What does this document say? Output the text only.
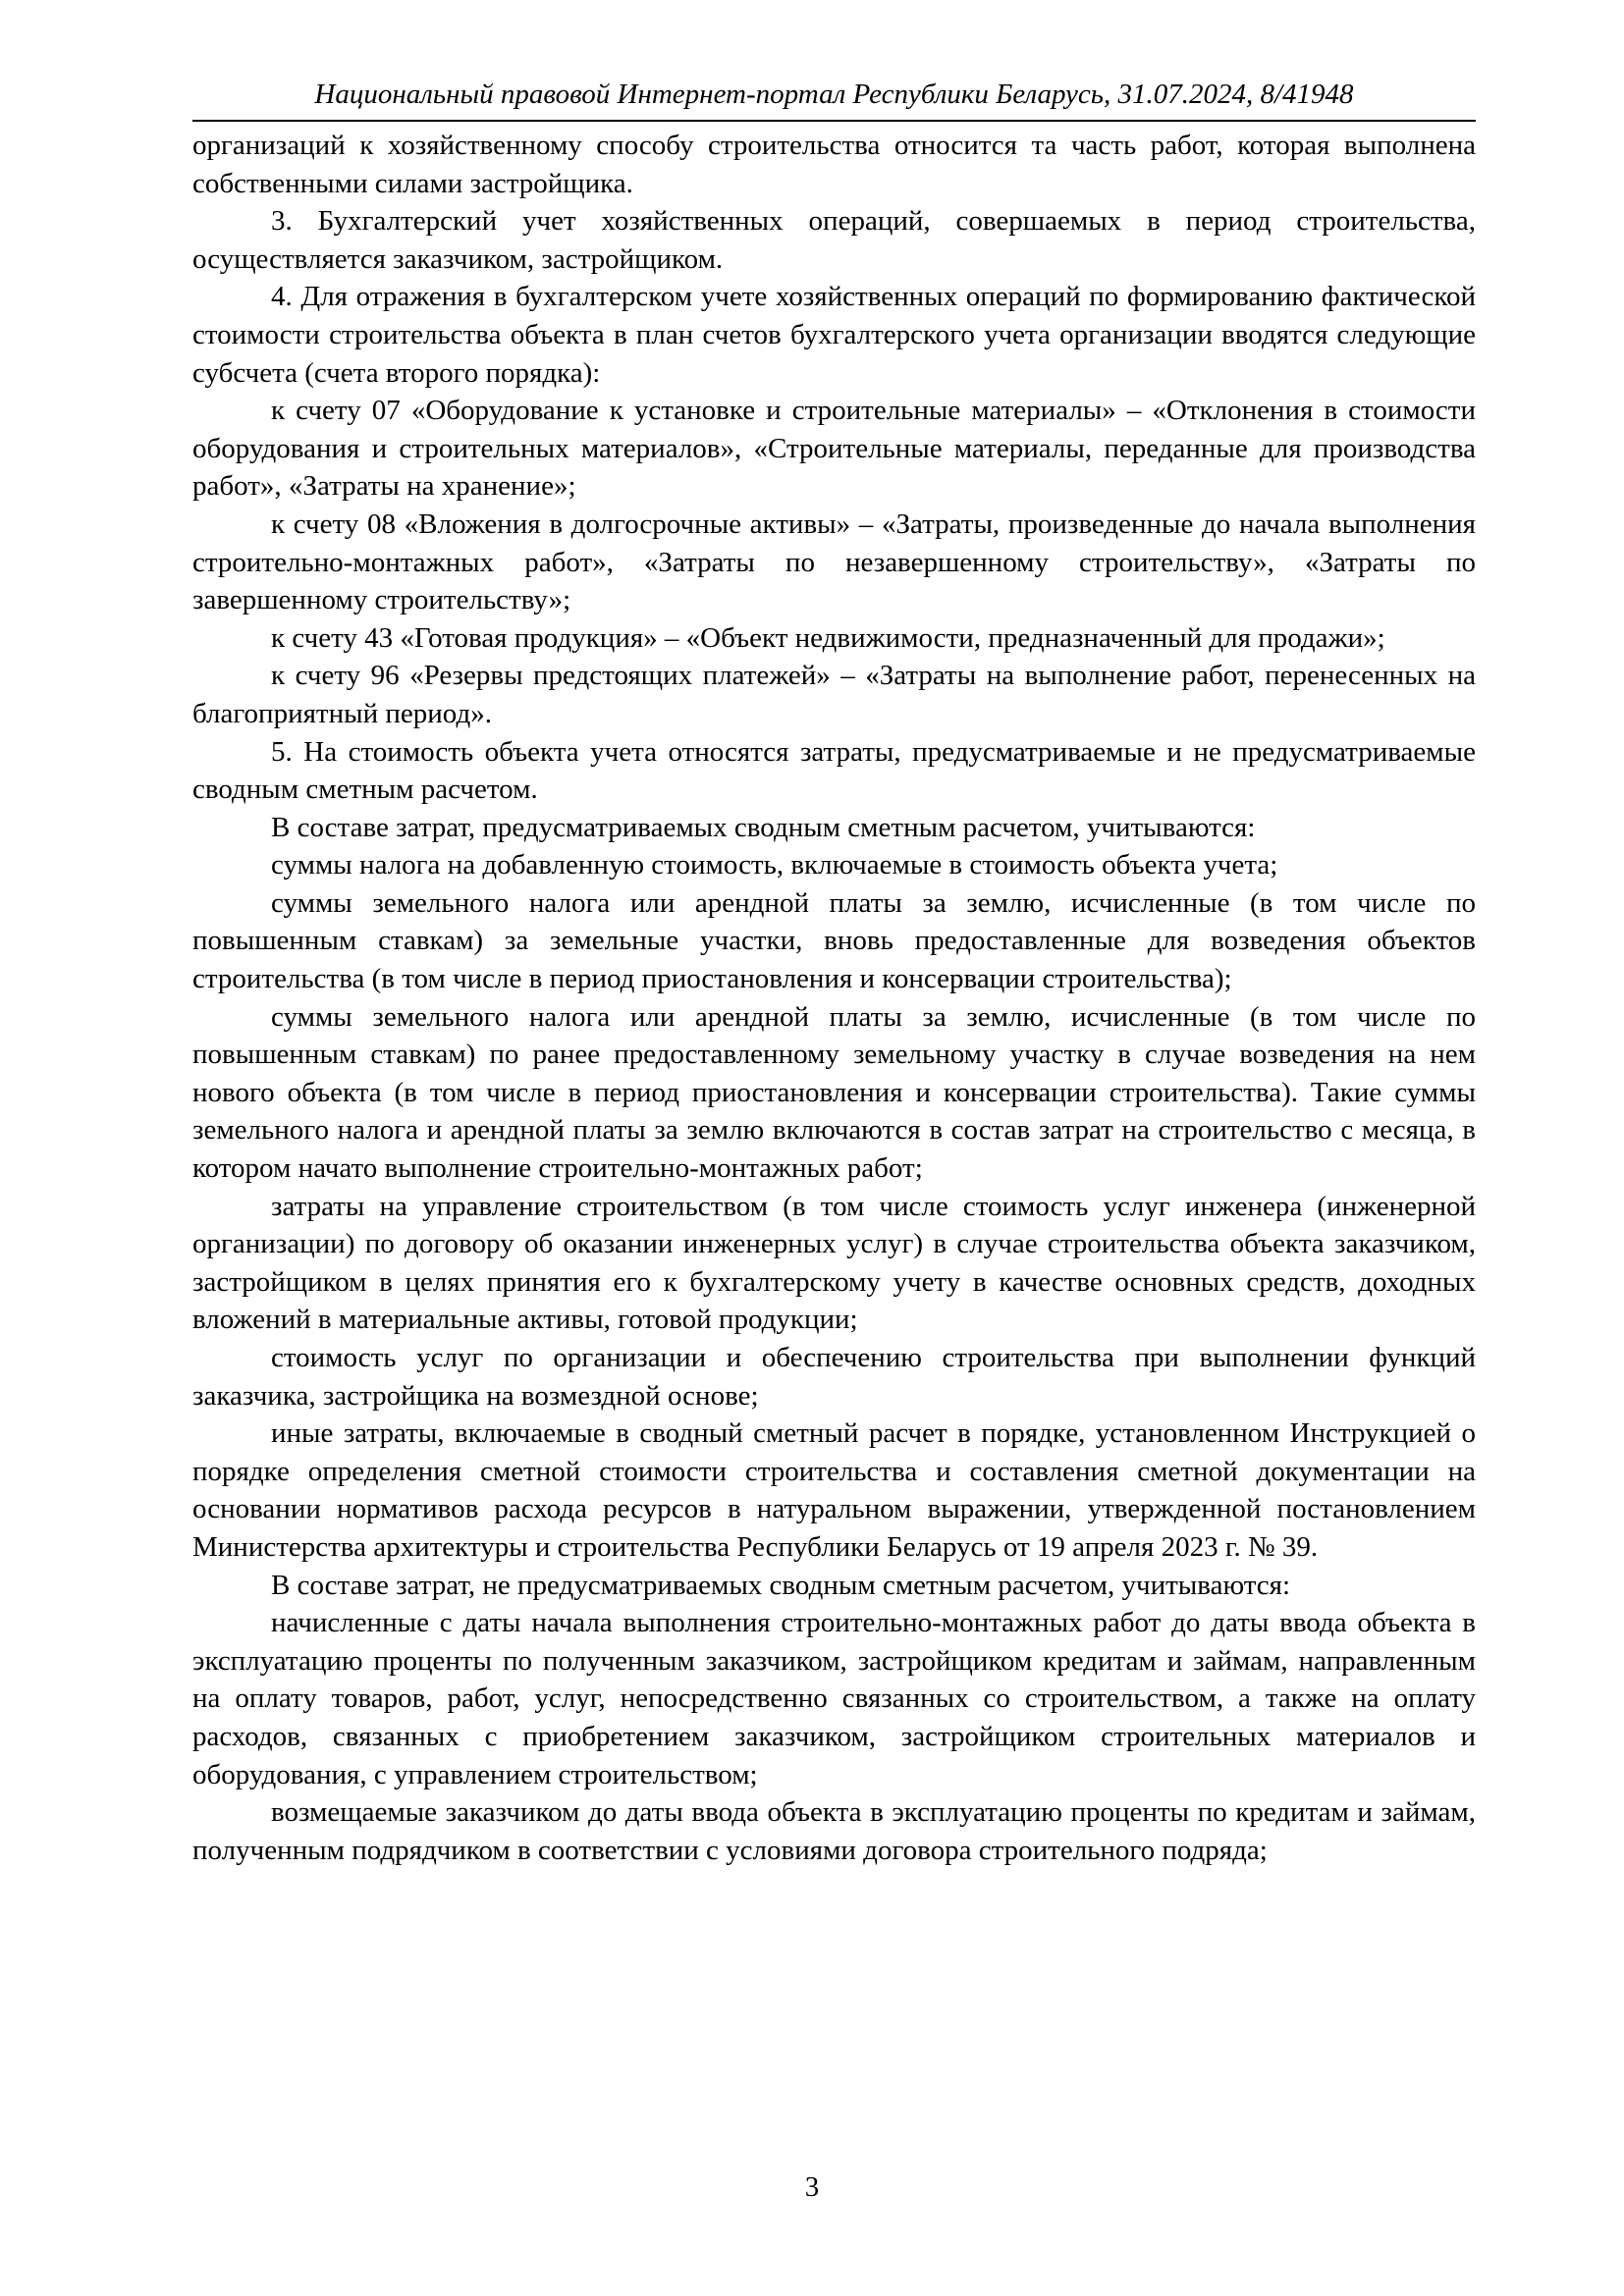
Национальный правовой Интернет-портал Республики Беларусь, 31.07.2024, 8/41948

организаций к хозяйственному способу строительства относится та часть работ, которая выполнена собственными силами застройщика.

3. Бухгалтерский учет хозяйственных операций, совершаемых в период строительства, осуществляется заказчиком, застройщиком.

4. Для отражения в бухгалтерском учете хозяйственных операций по формированию фактической стоимости строительства объекта в план счетов бухгалтерского учета организации вводятся следующие субсчета (счета второго порядка):

к счету 07 «Оборудование к установке и строительные материалы» – «Отклонения в стоимости оборудования и строительных материалов», «Строительные материалы, переданные для производства работ», «Затраты на хранение»;

к счету 08 «Вложения в долгосрочные активы» – «Затраты, произведенные до начала выполнения строительно-монтажных работ», «Затраты по незавершенному строительству», «Затраты по завершенному строительству»;

к счету 43 «Готовая продукция» – «Объект недвижимости, предназначенный для продажи»;

к счету 96 «Резервы предстоящих платежей» – «Затраты на выполнение работ, перенесенных на благоприятный период».

5. На стоимость объекта учета относятся затраты, предусматриваемые и не предусматриваемые сводным сметным расчетом.

В составе затрат, предусматриваемых сводным сметным расчетом, учитываются:

суммы налога на добавленную стоимость, включаемые в стоимость объекта учета;

суммы земельного налога или арендной платы за землю, исчисленные (в том числе по повышенным ставкам) за земельные участки, вновь предоставленные для возведения объектов строительства (в том числе в период приостановления и консервации строительства);

суммы земельного налога или арендной платы за землю, исчисленные (в том числе по повышенным ставкам) по ранее предоставленному земельному участку в случае возведения на нем нового объекта (в том числе в период приостановления и консервации строительства). Такие суммы земельного налога и арендной платы за землю включаются в состав затрат на строительство с месяца, в котором начато выполнение строительно-монтажных работ;

затраты на управление строительством (в том числе стоимость услуг инженера (инженерной организации) по договору об оказании инженерных услуг) в случае строительства объекта заказчиком, застройщиком в целях принятия его к бухгалтерскому учету в качестве основных средств, доходных вложений в материальные активы, готовой продукции;

стоимость услуг по организации и обеспечению строительства при выполнении функций заказчика, застройщика на возмездной основе;

иные затраты, включаемые в сводный сметный расчет в порядке, установленном Инструкцией о порядке определения сметной стоимости строительства и составления сметной документации на основании нормативов расхода ресурсов в натуральном выражении, утвержденной постановлением Министерства архитектуры и строительства Республики Беларусь от 19 апреля 2023 г. № 39.

В составе затрат, не предусматриваемых сводным сметным расчетом, учитываются:

начисленные с даты начала выполнения строительно-монтажных работ до даты ввода объекта в эксплуатацию проценты по полученным заказчиком, застройщиком кредитам и займам, направленным на оплату товаров, работ, услуг, непосредственно связанных со строительством, а также на оплату расходов, связанных с приобретением заказчиком, застройщиком строительных материалов и оборудования, с управлением строительством;

возмещаемые заказчиком до даты ввода объекта в эксплуатацию проценты по кредитам и займам, полученным подрядчиком в соответствии с условиями договора строительного подряда;

3
